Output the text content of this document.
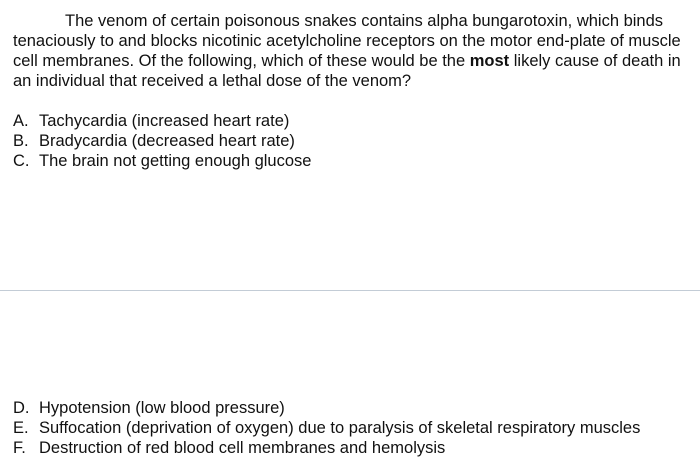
The venom of certain poisonous snakes contains alpha bungarotoxin, which binds tenaciously to and blocks nicotinic acetylcholine receptors on the motor end-plate of muscle cell membranes. Of the following, which of these would be the most likely cause of death in an individual that received a lethal dose of the venom?

A. Tachycardia (increased heart rate)
B. Bradycardia (decreased heart rate)
C. The brain not getting enough glucose
D. Hypotension (low blood pressure)
E. Suffocation (deprivation of oxygen) due to paralysis of skeletal respiratory muscles
F. Destruction of red blood cell membranes and hemolysis
